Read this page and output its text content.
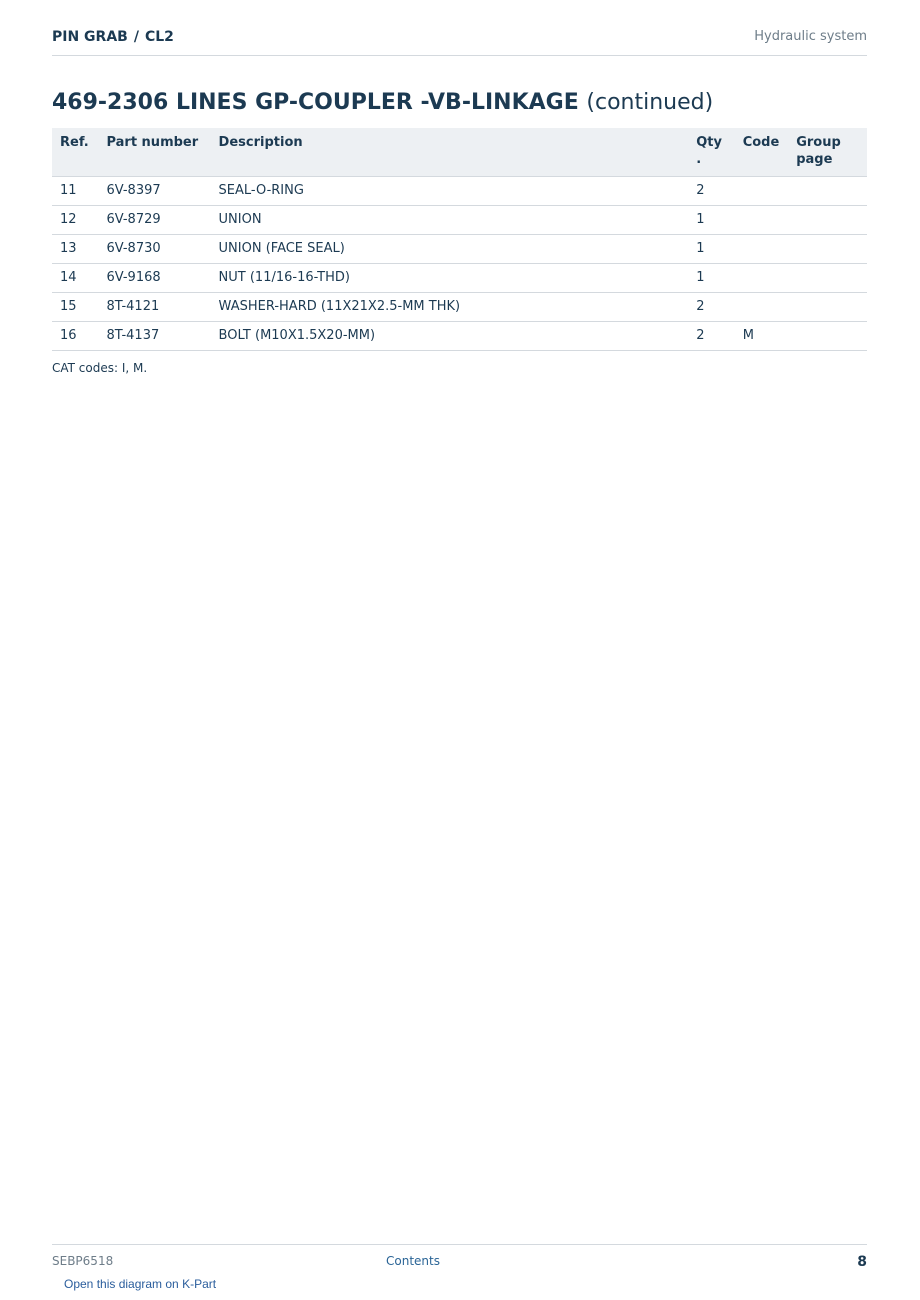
PIN GRAB / CL2	Hydraulic system
469-2306 LINES GP-COUPLER -VB-LINKAGE (continued)
Ref.	Part number	Description	Qty .	Code	Group page
11	6V-8397	SEAL-O-RING	2		
12	6V-8729	UNION	1		
13	6V-8730	UNION (FACE SEAL)	1		
14	6V-9168	NUT (11/16-16-THD)	1		
15	8T-4121	WASHER-HARD (11X21X2.5-MM THK)	2		
16	8T-4137	BOLT (M10X1.5X20-MM)	2	M	
CAT codes: I, M.
SEBP6518	Contents	8
Open this diagram on K-Part
